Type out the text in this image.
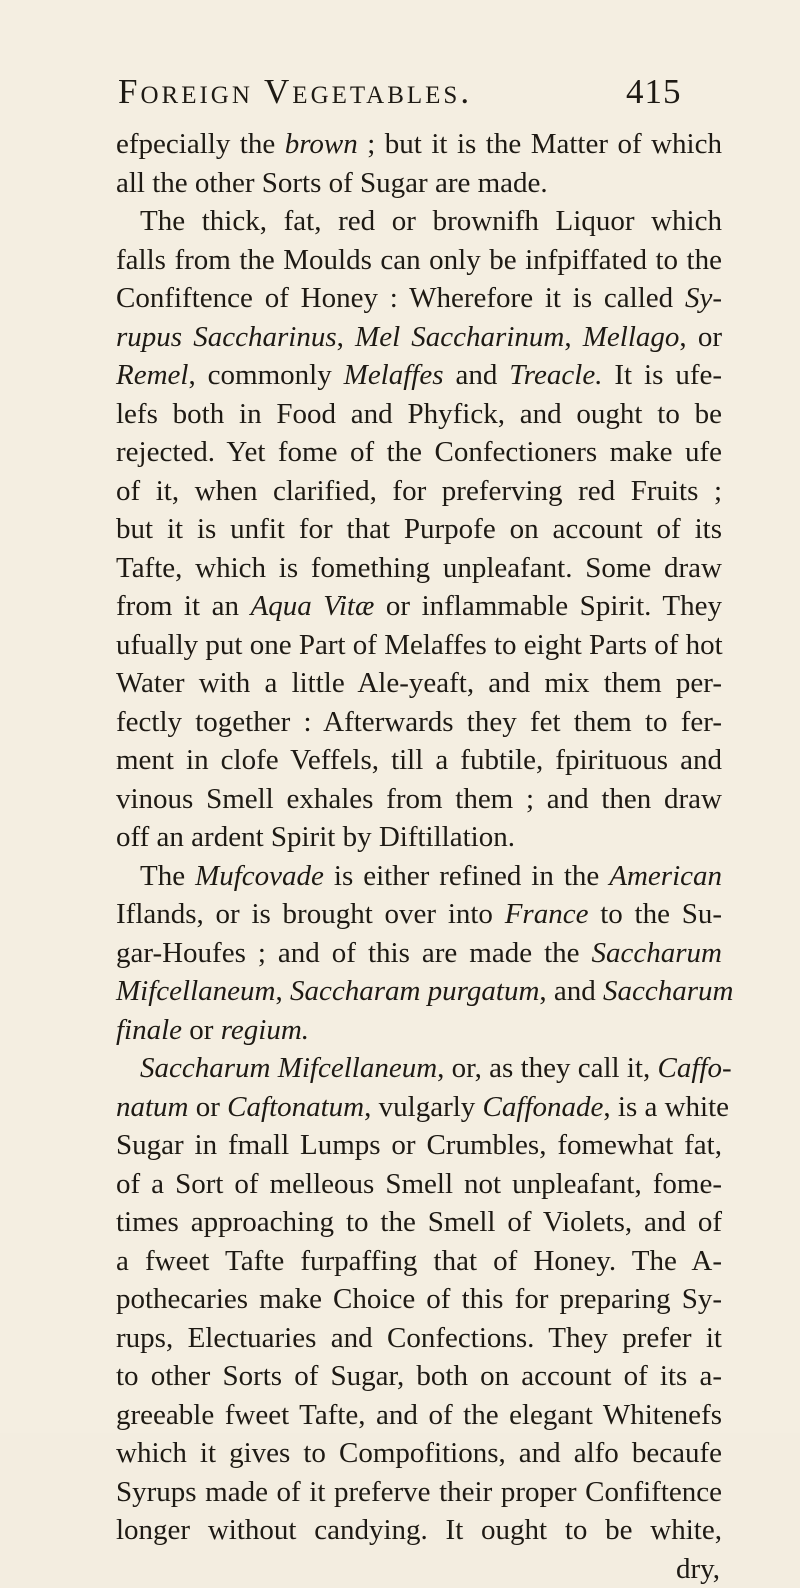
Foreign Vegetables.	415
efpecially the brown ; but it is the Matter of which
all the other Sorts of Sugar are made.
The thick, fat, red or brownifh Liquor which
falls from the Moulds can only be infpiffated to the
Confiftence of Honey : Wherefore it is called Sy-
rupus Saccharinus, Mel Saccharinum, Mellago, or
Remel, commonly Melaffes and Treacle. It is ufe-
lefs both in Food and Phyfick, and ought to be
rejected. Yet fome of the Confectioners make ufe
of it, when clarified, for preferving red Fruits ;
but it is unfit for that Purpofe on account of its
Tafte, which is fomething unpleafant. Some draw
from it an Aqua Vitæ or inflammable Spirit. They
ufually put one Part of Melaffes to eight Parts of hot
Water with a little Ale-yeaft, and mix them per-
fectly together : Afterwards they fet them to fer-
ment in clofe Veffels, till a fubtile, fpirituous and
vinous Smell exhales from them ; and then draw
off an ardent Spirit by Diftillation.
The Mufcovade is either refined in the American
Iflands, or is brought over into France to the Su-
gar-Houfes ; and of this are made the Saccharum
Mifcellaneum, Saccharam purgatum, and Saccharum
finale or regium.
Saccharum Mifcellaneum, or, as they call it, Caffo-
natum or Caftonatum, vulgarly Caffonade, is a white
Sugar in fmall Lumps or Crumbles, fomewhat fat,
of a Sort of melleous Smell not unpleafant, fome-
times approaching to the Smell of Violets, and of
a fweet Tafte furpaffing that of Honey. The A-
pothecaries make Choice of this for preparing Sy-
rups, Electuaries and Confections. They prefer it
to other Sorts of Sugar, both on account of its a-
greeable fweet Tafte, and of the elegant Whitenefs
which it gives to Compofitions, and alfo becaufe
Syrups made of it preferve their proper Confiftence
longer without candying. It ought to be white,
dry,
